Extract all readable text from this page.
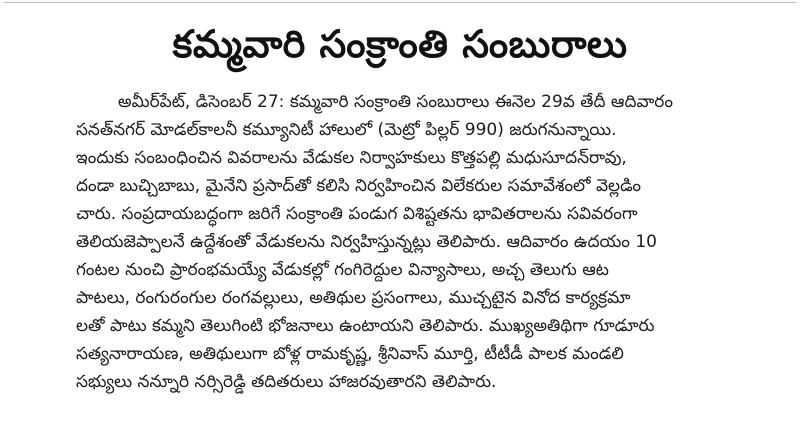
కమ్మవారి సంక్రాంతి సంబురాలు
అమీర్‌పేట్, డిసెంబర్ 27: కమ్మవారి సంక్రాంతి సంబురాలు ఈనెల 29వ తేదీ ఆదివారం
సనత్‌నగర్ మోడల్‌కాలనీ కమ్యూనిటీ హాలులో (మెట్రో పిల్లర్ 990) జరుగనున్నాయి.
ఇందుకు సంబంధించిన వివరాలను వేడుకల నిర్వాహకులు కొత్తపల్లి మధుసూదన్‌రావు,
దండా బుచ్చిబాబు, మైనేని ప్రసాద్‌తో కలిసి నిర్వహించిన విలేకరుల సమావేశంలో వెల్లడిం
చారు. సంప్రదాయబద్ధంగా జరిగే సంక్రాంతి పండుగ విశిష్టతను భావితరాలను సవివరంగా
తెలియజెప్పాలనే ఉద్దేశంతో వేడుకలను నిర్వహిస్తున్నట్లు తెలిపారు. ఆదివారం ఉదయం 10
గంటల నుంచి ప్రారంభమయ్యే వేడుకల్లో గంగిరెద్దుల విన్యాసాలు, అచ్చ తెలుగు ఆట
పాటలు, రంగురంగుల రంగవల్లులు, అతిథుల ప్రసంగాలు, ముచ్చటైన వినోద కార్యక్రమా
లతో పాటు కమ్మని తెలుగింటి భోజనాలు ఉంటాయని తెలిపారు. ముఖ్యఅతిథిగా గూడూరు
సత్యనారాయణ, అతిథులుగా బోళ్ల రామకృష్ణ, శ్రీనివాస్ మూర్తి, టీటీడీ పాలక మండలి
సభ్యులు నన్నూరి నర్సిరెడ్డి తదితరులు హాజరవుతారని తెలిపారు.
